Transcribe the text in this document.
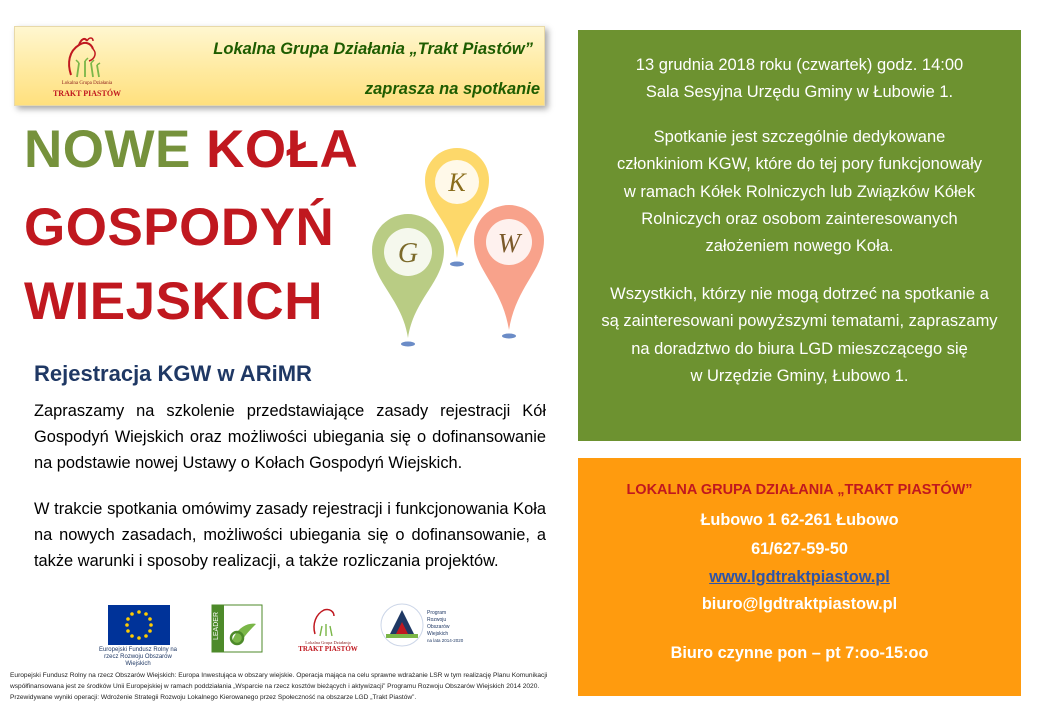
Lokalna Grupa Działania
TRAKT PIASTÓW
Lokalna Grupa Działania „Trakt Piastów”
zaprasza na spotkanie
NOWE KOŁA
GOSPODYŃ
WIEJSKICH
K
G	W
Rejestracja KGW w ARiMR
Zapraszamy na szkolenie przedstawiające zasady rejestracji Kół Gospodyń Wiejskich oraz możliwości ubiegania się o dofinansowanie na podstawie nowej Ustawy o Kołach Gospodyń Wiejskich.
W trakcie spotkania omówimy zasady rejestracji i funkcjonowania Koła na nowych zasadach, możliwości ubiegania się o dofinansowanie, a także warunki i sposoby realizacji, a także rozliczania projektów.
LEADER
Lokalna Grupa Działania
TRAKT PIASTÓW
Program
Rozwoju
Obszarów
Wiejskich
na lata 2014-2020
Europejski Fundusz Rolny na rzecz Rozwoju Obszarów Wiejskich
Europejski Fundusz Rolny na rzecz Obszarów Wiejskich: Europa Inwestująca w obszary wiejskie. Operacja mająca na celu sprawne wdrażanie LSR w tym realizację Planu Komunikacji współfinansowana jest ze środków Unii Europejskiej w ramach poddziałania „Wsparcie na rzecz kosztów bieżących i aktywizacji” Programu Rozwoju Obszarów Wiejskich 2014 2020. Przewidywane wyniki operacji: Wdrożenie Strategii Rozwoju Lokalnego Kierowanego przez Społeczność na obszarze LGD „Trakt Piastów”.
13 grudnia 2018 roku (czwartek) godz. 14:00
Sala Sesyjna Urzędu Gminy w Łubowie 1.
Spotkanie jest szczególnie dedykowane członkiniom KGW, które do tej pory funkcjonowały w ramach Kółek Rolniczych lub Związków Kółek Rolniczych oraz osobom zainteresowanych założeniem nowego Koła.
Wszystkich, którzy nie mogą dotrzeć na spotkanie a są zainteresowani powyższymi tematami, zapraszamy na doradztwo do biura LGD mieszczącego się
w Urzędzie Gminy, Łubowo 1.
LOKALNA GRUPA DZIAŁANIA „TRAKT PIASTÓW”
Łubowo 1 62-261 Łubowo
61/627-59-50
www.lgdtraktpiastow.pl
biuro@lgdtraktpiastow.pl
Biuro czynne pon – pt 7:oo-15:oo
